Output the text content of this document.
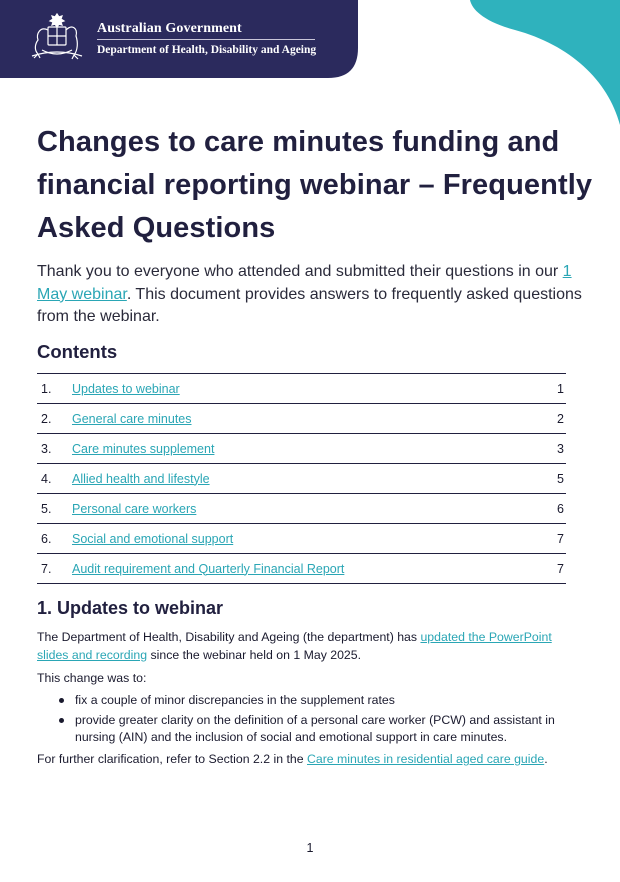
Australian Government
Department of Health, Disability and Ageing
Changes to care minutes funding and financial reporting webinar – Frequently Asked Questions

Thank you to everyone who attended and submitted their questions in our 1 May webinar. This document provides answers to frequently asked questions from the webinar.

Contents
1.	Updates to webinar	1
2.	General care minutes	2
3.	Care minutes supplement	3
4.	Allied health and lifestyle	5
5.	Personal care workers	6
6.	Social and emotional support	7
7.	Audit requirement and Quarterly Financial Report	7
1. Updates to webinar

The Department of Health, Disability and Ageing (the department) has updated the PowerPoint slides and recording since the webinar held on 1 May 2025.

This change was to:

fix a couple of minor discrepancies in the supplement rates
provide greater clarity on the definition of a personal care worker (PCW) and assistant in nursing (AIN) and the inclusion of social and emotional support in care minutes.

For further clarification, refer to Section 2.2 in the Care minutes in residential aged care guide.

1
